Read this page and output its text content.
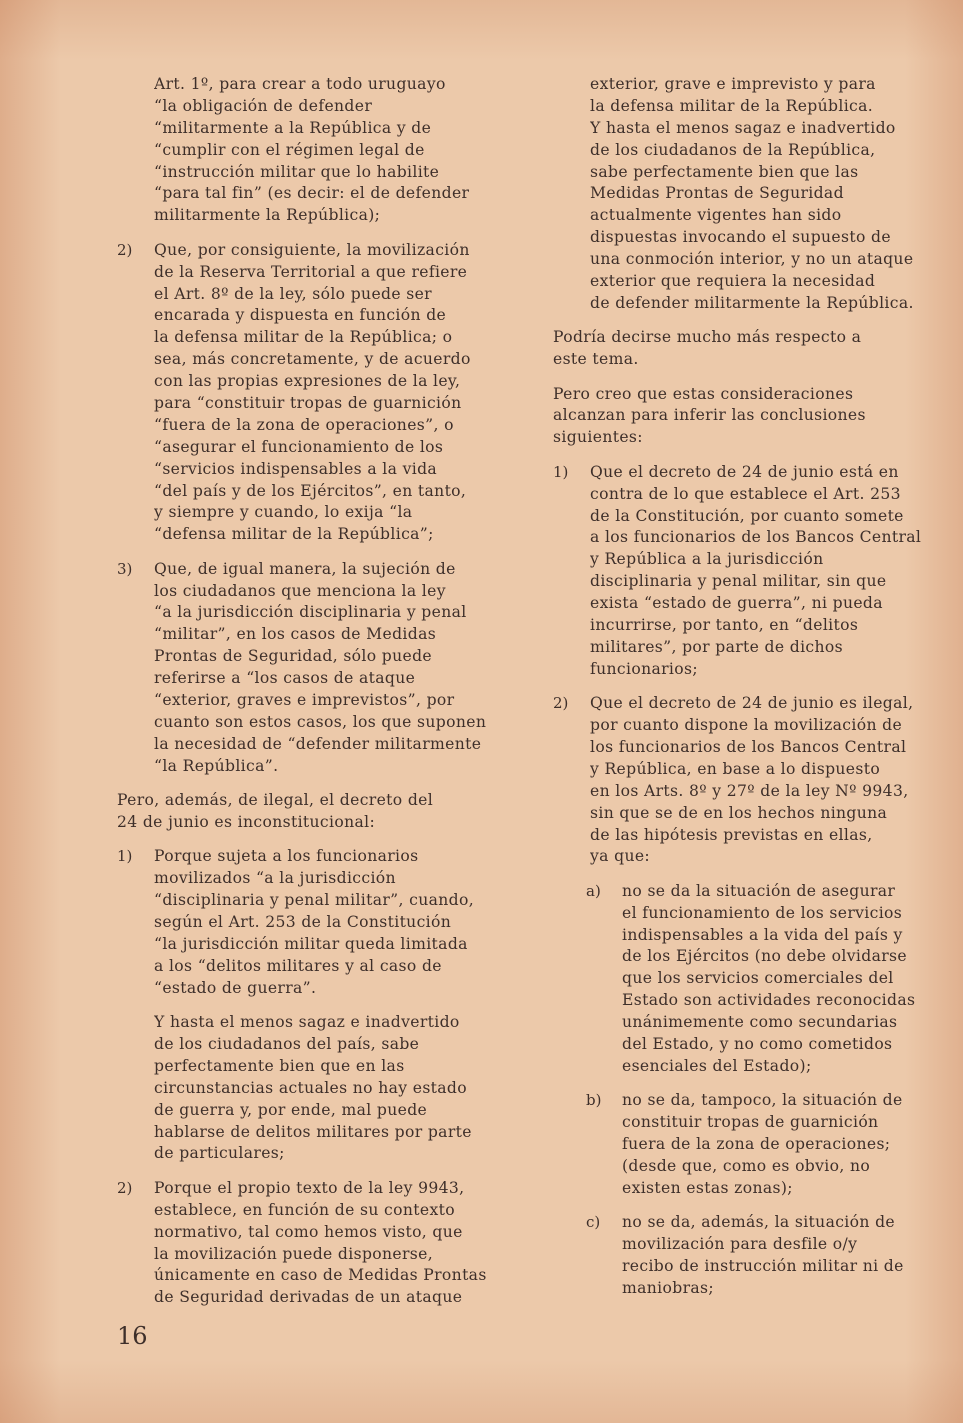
Art. 1º, para crear a todo uruguayo
“la obligación de defender
“militarmente a la República y de
“cumplir con el régimen legal de
“instrucción militar que lo habilite
“para tal fin” (es decir: el de defender
militarmente la República);
2) Que, por consiguiente, la movilización
de la Reserva Territorial a que refiere
el Art. 8º de la ley, sólo puede ser
encarada y dispuesta en función de
la defensa militar de la República; o
sea, más concretamente, y de acuerdo
con las propias expresiones de la ley,
para “constituir tropas de guarnición
“fuera de la zona de operaciones”, o
“asegurar el funcionamiento de los
“servicios indispensables a la vida
“del país y de los Ejércitos”, en tanto,
y siempre y cuando, lo exija “la
“defensa militar de la República”;
3) Que, de igual manera, la sujeción de
los ciudadanos que menciona la ley
“a la jurisdicción disciplinaria y penal
“militar”, en los casos de Medidas
Prontas de Seguridad, sólo puede
referirse a “los casos de ataque
“exterior, graves e imprevistos”, por
cuanto son estos casos, los que suponen
la necesidad de “defender militarmente
“la República”.
Pero, además, de ilegal, el decreto del
24 de junio es inconstitucional:
1) Porque sujeta a los funcionarios
movilizados “a la jurisdicción
“disciplinaria y penal militar”, cuando,
según el Art. 253 de la Constitución
“la jurisdicción militar queda limitada
a los “delitos militares y al caso de
“estado de guerra”.
Y hasta el menos sagaz e inadvertido
de los ciudadanos del país, sabe
perfectamente bien que en las
circunstancias actuales no hay estado
de guerra y, por ende, mal puede
hablarse de delitos militares por parte
de particulares;
2) Porque el propio texto de la ley 9943,
establece, en función de su contexto
normativo, tal como hemos visto, que
la movilización puede disponerse,
únicamente en caso de Medidas Prontas
de Seguridad derivadas de un ataque
exterior, grave e imprevisto y para
la defensa militar de la República.
Y hasta el menos sagaz e inadvertido
de los ciudadanos de la República,
sabe perfectamente bien que las
Medidas Prontas de Seguridad
actualmente vigentes han sido
dispuestas invocando el supuesto de
una conmoción interior, y no un ataque
exterior que requiera la necesidad
de defender militarmente la República.
Podría decirse mucho más respecto a
este tema.
Pero creo que estas consideraciones
alcanzan para inferir las conclusiones
siguientes:
1) Que el decreto de 24 de junio está en
contra de lo que establece el Art. 253
de la Constitución, por cuanto somete
a los funcionarios de los Bancos Central
y República a la jurisdicción
disciplinaria y penal militar, sin que
exista “estado de guerra”, ni pueda
incurrirse, por tanto, en “delitos
militares”, por parte de dichos
funcionarios;
2) Que el decreto de 24 de junio es ilegal,
por cuanto dispone la movilización de
los funcionarios de los Bancos Central
y República, en base a lo dispuesto
en los Arts. 8º y 27º de la ley Nº 9943,
sin que se de en los hechos ninguna
de las hipótesis previstas en ellas,
ya que:
a) no se da la situación de asegurar
el funcionamiento de los servicios
indispensables a la vida del país y
de los Ejércitos (no debe olvidarse
que los servicios comerciales del
Estado son actividades reconocidas
unánimemente como secundarias
del Estado, y no como cometidos
esenciales del Estado);
b) no se da, tampoco, la situación de
constituir tropas de guarnición
fuera de la zona de operaciones;
(desde que, como es obvio, no
existen estas zonas);
c) no se da, además, la situación de
movilización para desfile o/y
recibo de instrucción militar ni de
maniobras;
16
